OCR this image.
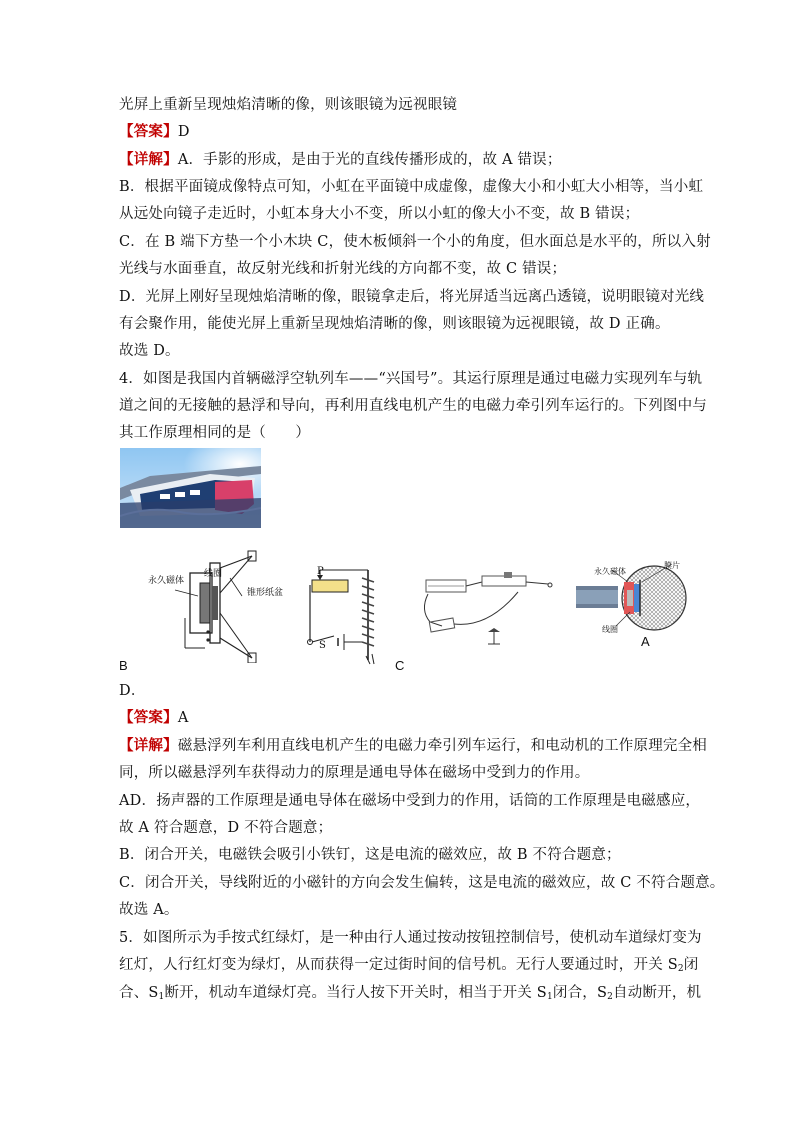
光屏上重新呈现烛焰清晰的像，则该眼镜为远视眼镜
【答案】D
【详解】A．手影的形成，是由于光的直线传播形成的，故 A 错误；
B．根据平面镜成像特点可知，小虹在平面镜中成虚像，虚像大小和小虹大小相等，当小虹
从远处向镜子走近时，小虹本身大小不变，所以小虹的像大小不变，故 B 错误；
C．在 B 端下方垫一个小木块 C，使木板倾斜一个小的角度，但水面总是水平的，所以入射
光线与水面垂直，故反射光线和折射光线的方向都不变，故 C 错误；
D．光屏上刚好呈现烛焰清晰的像，眼镜拿走后，将光屏适当远离凸透镜，说明眼镜对光线
有会聚作用，能使光屏上重新呈现烛焰清晰的像，则该眼镜为远视眼镜，故 D 正确。
故选 D。
4．如图是我国内首辆磁浮空轨列车——“兴国号”。其运行原理是通过电磁力实现列车与轨
道之间的无接触的悬浮和导向，再利用直线电机产生的电磁力牵引列车运行的。下列图中与
其工作原理相同的是（　　）
永久磁体
线圈
锥形纸盆
P
S
永久磁体
膜片
线圈
A
B	C
D．
【答案】A
【详解】磁悬浮列车利用直线电机产生的电磁力牵引列车运行，和电动机的工作原理完全相
同，所以磁悬浮列车获得动力的原理是通电导体在磁场中受到力的作用。
AD．扬声器的工作原理是通电导体在磁场中受到力的作用，话筒的工作原理是电磁感应，
故 A 符合题意，D 不符合题意；
B．闭合开关，电磁铁会吸引小铁钉，这是电流的磁效应，故 B 不符合题意；
C．闭合开关，导线附近的小磁针的方向会发生偏转，这是电流的磁效应，故 C 不符合题意。
故选 A。
5．如图所示为手按式红绿灯，是一种由行人通过按动按钮控制信号，使机动车道绿灯变为
红灯，人行红灯变为绿灯，从而获得一定过街时间的信号机。无行人要通过时，开关 $S_2$闭
合、$S_1$断开，机动车道绿灯亮。当行人按下开关时，相当于开关 $S_1$闭合，$S_2$自动断开，机
